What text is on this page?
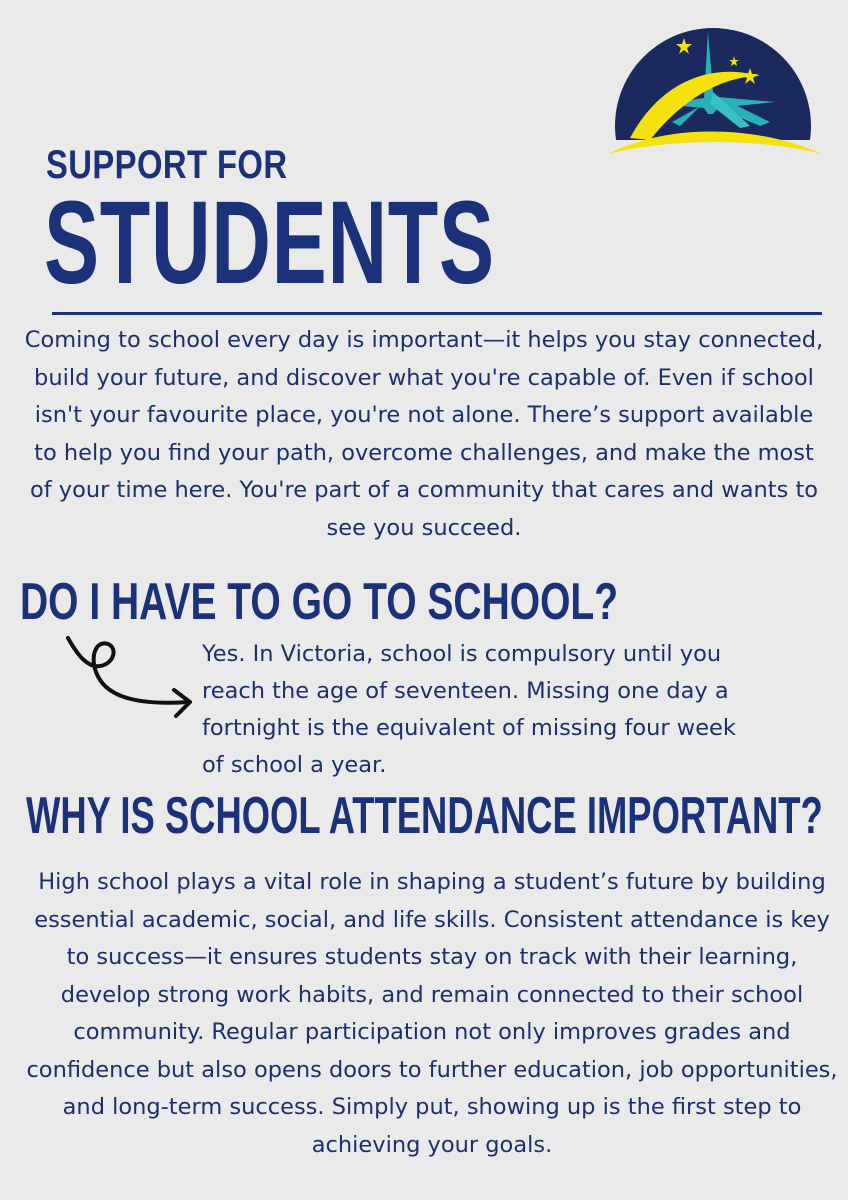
SUPPORT FOR
STUDENTS
Coming to school every day is important—it helps you stay connected, build your future, and discover what you're capable of. Even if school isn't your favourite place, you're not alone. There’s support available to help you find your path, overcome challenges, and make the most of your time here. You're part of a community that cares and wants to see you succeed.
DO I HAVE TO GO TO SCHOOL?
Yes. In Victoria, school is compulsory until you reach the age of seventeen. Missing one day a fortnight is the equivalent of missing four week of school a year.
WHY IS SCHOOL ATTENDANCE IMPORTANT?
High school plays a vital role in shaping a student’s future by building essential academic, social, and life skills. Consistent attendance is key to success—it ensures students stay on track with their learning, develop strong work habits, and remain connected to their school community. Regular participation not only improves grades and confidence but also opens doors to further education, job opportunities, and long-term success. Simply put, showing up is the first step to achieving your goals.
